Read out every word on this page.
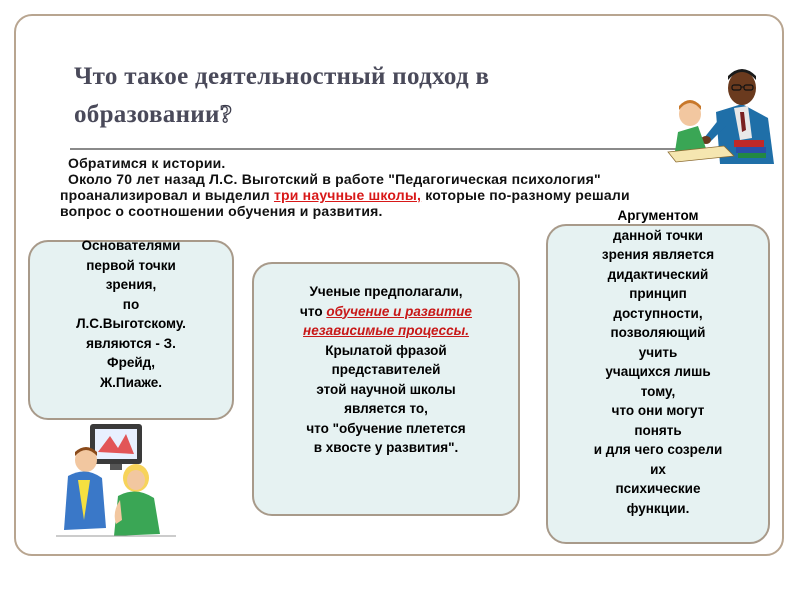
Что такое деятельностный подход в
образовании?

Обратимся к истории.

Около 70 лет назад Л.С. Выготский в работе "Педагогическая психология"

проанализировал и выделил три научные школы, которые по-разному решали

вопрос о соотношении обучения и развития.

Основателями
первой точки
зрения,
по
Л.С.Выготскому.
являются - З.
Фрейд,
Ж.Пиаже.
Ученые предполагали,
что обучение и развитие
независимые процессы.
Крылатой фразой
представителей
этой научной школы
является то,
что "обучение плетется
в хвосте у развития".
Аргументом
данной точки
зрения является
дидактический
принцип
доступности,
позволяющий
учить
учащихся лишь
тому,
что они могут
понять
и для чего созрели
их
психические
функции.
